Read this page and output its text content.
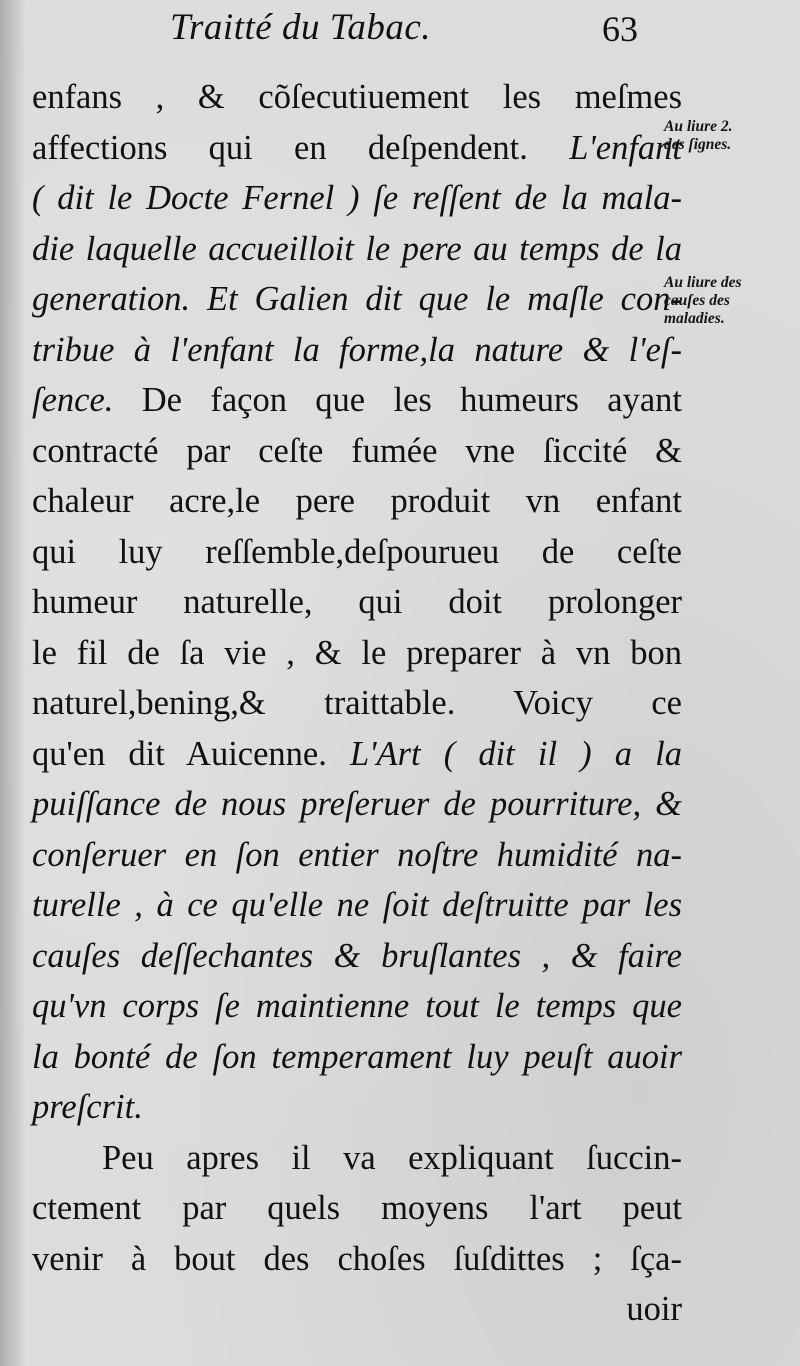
Traitté du Tabac.	63
enfans , & cõſecutiuement les meſmes
affections qui en deſpendent. L'enfant
( dit le Docte Fernel ) ſe reſſent de la mala-
die laquelle accueilloit le pere au temps de la
generation. Et Galien dit que le maſle con-
tribue à l'enfant la forme,la nature & l'eſ-
ſence. De façon que les humeurs ayant
contracté par ceſte fumée vne ſiccité &
chaleur acre,le pere produit vn enfant
qui luy reſſemble,deſpourueu de ceſte
humeur naturelle, qui doit prolonger
le fil de ſa vie , & le preparer à vn bon
naturel,bening,& traittable. Voicy ce
qu'en dit Auicenne. L'Art ( dit il ) a la
puiſſance de nous preſeruer de pourriture, &
conſeruer en ſon entier noſtre humidité na-
turelle , à ce qu'elle ne ſoit deſtruitte par les
cauſes deſſechantes & bruſlantes , & faire
qu'vn corps ſe maintienne tout le temps que
la bonté de ſon temperament luy peuſt auoir
preſcrit.
Peu apres il va expliquant ſuccin-
ctement par quels moyens l'art peut
venir à bout des choſes ſuſdittes ; ſça-
uoir
Au liure 2.
des ſignes.
Au liure des
cauſes des
maladies.
